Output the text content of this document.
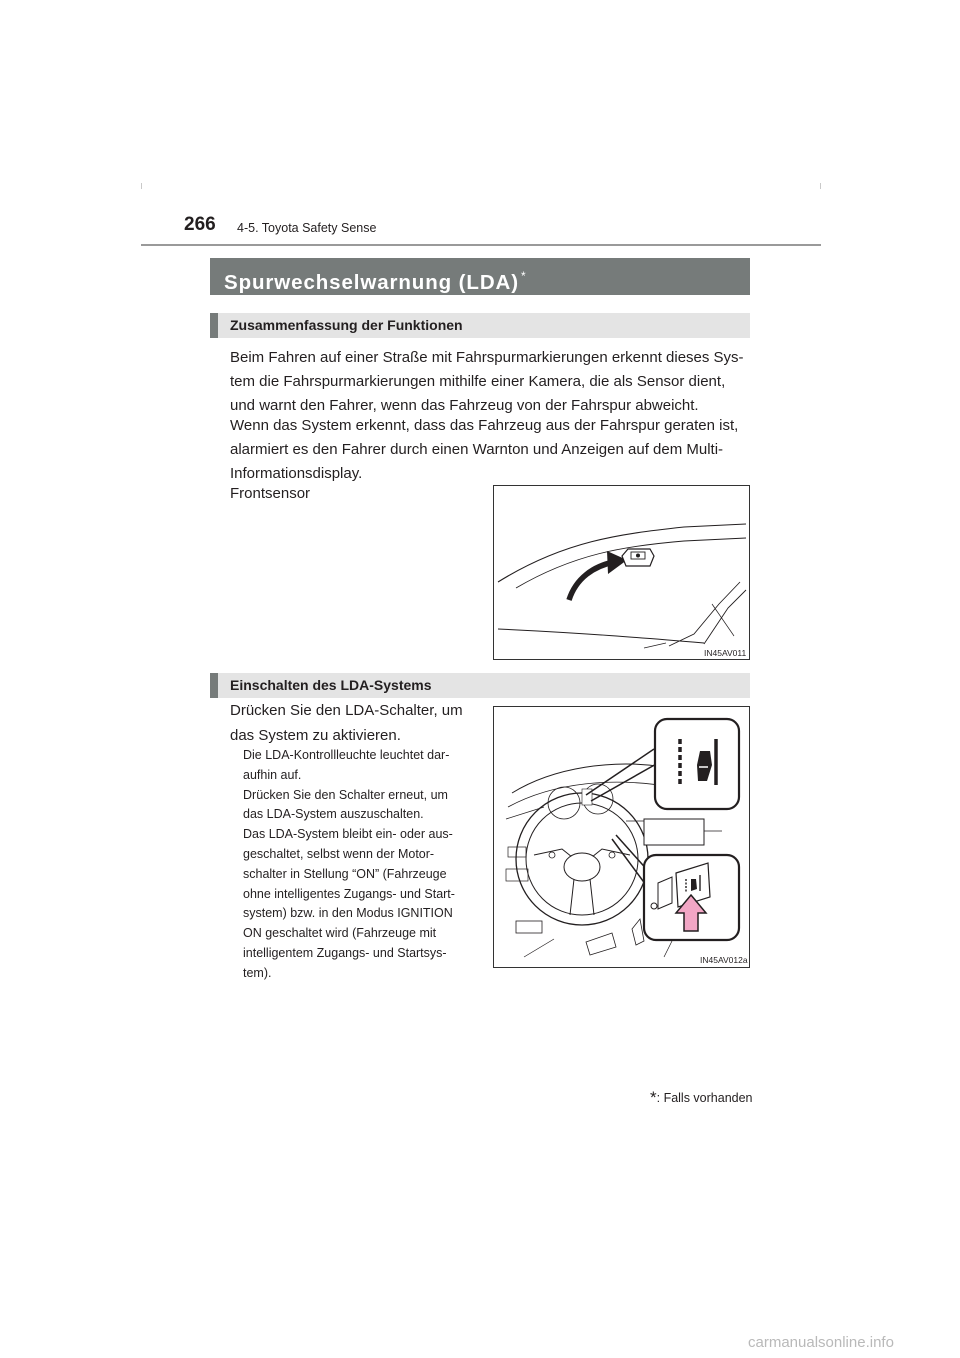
266 4-5. Toyota Safety Sense
Spurwechselwarnung (LDA) *
Zusammenfassung der Funktionen

Beim Fahren auf einer Straße mit Fahrspurmarkierungen erkennt dieses Sys-
tem die Fahrspurmarkierungen mithilfe einer Kamera, die als Sensor dient,
und warnt den Fahrer, wenn das Fahrzeug von der Fahrspur abweicht.

Wenn das System erkennt, dass das Fahrzeug aus der Fahrspur geraten ist,
alarmiert es den Fahrer durch einen Warnton und Anzeigen auf dem Multi-
Informationsdisplay.

Frontsensor
IN45AV011
Einschalten des LDA-Systems

Drücken Sie den LDA-Schalter, um
das System zu aktivieren.

Die LDA-Kontrollleuchte leuchtet dar-
aufhin auf.
Drücken Sie den Schalter erneut, um
das LDA-System auszuschalten.
Das LDA-System bleibt ein- oder aus-
geschaltet, selbst wenn der Motor-
schalter in Stellung “ON” (Fahrzeuge
ohne intelligentes Zugangs- und Start-
system) bzw. in den Modus IGNITION
ON geschaltet wird (Fahrzeuge mit
intelligentem Zugangs- und Startsys-
tem).

IN45AV012a
*: Falls vorhanden
carmanualsonline.info
